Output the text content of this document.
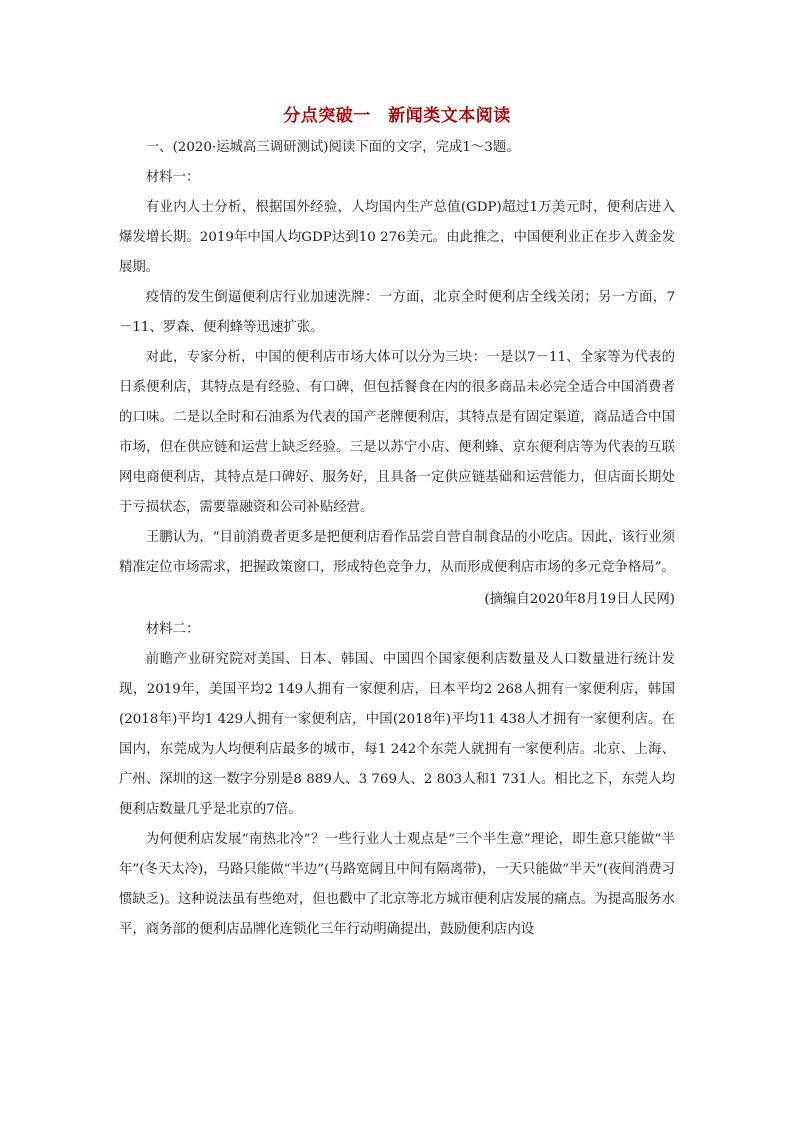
分点突破一　新闻类文本阅读

一、(2020·运城高三调研测试)阅读下面的文字，完成1～3题。

材料一：

有业内人士分析，根据国外经验，人均国内生产总值(GDP)超过1万美元时，便利店进入爆发增长期。2019年中国人均GDP达到10 276美元。由此推之，中国便利业正在步入黄金发展期。

疫情的发生倒逼便利店行业加速洗牌：一方面，北京全时便利店全线关闭；另一方面，7－11、罗森、便利蜂等迅速扩张。

对此，专家分析，中国的便利店市场大体可以分为三块：一是以7－11、全家等为代表的日系便利店，其特点是有经验、有口碑，但包括餐食在内的很多商品未必完全适合中国消费者的口味。二是以全时和石油系为代表的国产老牌便利店，其特点是有固定渠道，商品适合中国市场，但在供应链和运营上缺乏经验。三是以苏宁小店、便利蜂、京东便利店等为代表的互联网电商便利店，其特点是口碑好、服务好，且具备一定供应链基础和运营能力，但店面长期处于亏损状态，需要靠融资和公司补贴经营。

王鹏认为，“目前消费者更多是把便利店看作品尝自营自制食品的小吃店。因此，该行业须精准定位市场需求，把握政策窗口，形成特色竞争力，从而形成便利店市场的多元竞争格局”。

(摘编自2020年8月19日人民网)

材料二：

前瞻产业研究院对美国、日本、韩国、中国四个国家便利店数量及人口数量进行统计发现，2019年，美国平均2 149人拥有一家便利店，日本平均2 268人拥有一家便利店，韩国(2018年)平均1 429人拥有一家便利店，中国(2018年)平均11 438人才拥有一家便利店。在国内，东莞成为人均便利店最多的城市，每1 242个东莞人就拥有一家便利店。北京、上海、广州、深圳的这一数字分别是8 889人、3 769人、2 803人和1 731人。相比之下，东莞人均便利店数量几乎是北京的7倍。

为何便利店发展“南热北冷”？一些行业人士观点是“三个半生意”理论，即生意只能做“半年”(冬天太冷)，马路只能做“半边”(马路宽阔且中间有隔离带)，一天只能做“半天”(夜间消费习惯缺乏)。这种说法虽有些绝对，但也戳中了北京等北方城市便利店发展的痛点。为提高服务水平，商务部的便利店品牌化连锁化三年行动明确提出，鼓励便利店内设
